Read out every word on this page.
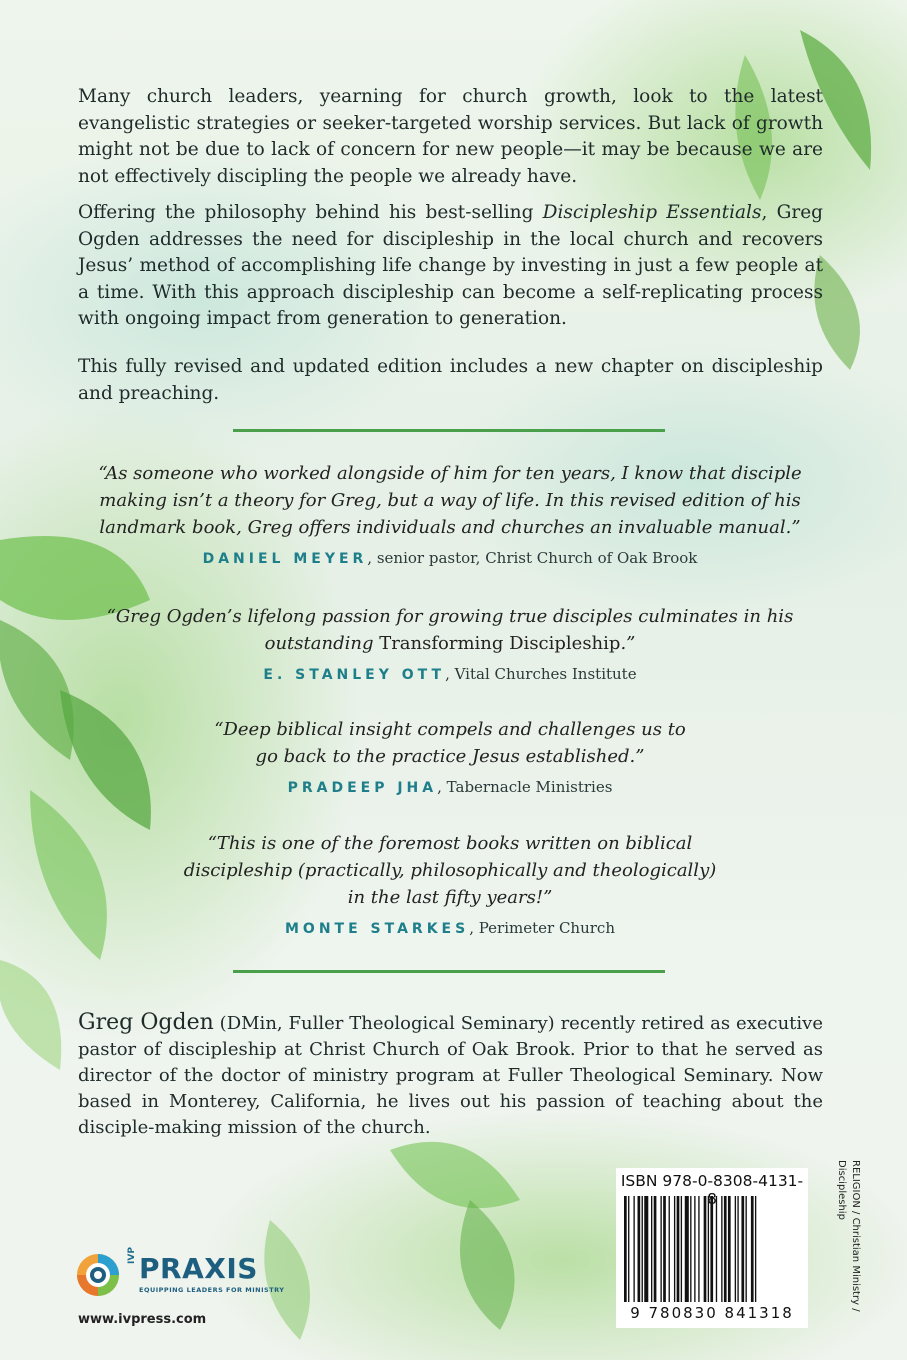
Many church leaders, yearning for church growth, look to the latest evangelistic strategies or seeker-targeted worship services. But lack of growth might not be due to lack of concern for new people—it may be because we are not effectively discipling the people we already have.

Offering the philosophy behind his best-selling Discipleship Essentials, Greg Ogden addresses the need for discipleship in the local church and recovers Jesus’ method of accomplishing life change by investing in just a few people at a time. With this approach discipleship can become a self-replicating process with ongoing impact from generation to generation.

This fully revised and updated edition includes a new chapter on discipleship and preaching.

“As someone who worked alongside of him for ten years, I know that disciple making isn’t a theory for Greg, but a way of life. In this revised edition of his landmark book, Greg offers individuals and churches an invaluable manual.”

DANIEL MEYER, senior pastor, Christ Church of Oak Brook

“Greg Ogden’s lifelong passion for growing true disciples culminates in his outstanding Transforming Discipleship.”

E. STANLEY OTT, Vital Churches Institute

“Deep biblical insight compels and challenges us to go back to the practice Jesus established.”

PRADEEP JHA, Tabernacle Ministries

“This is one of the foremost books written on biblical discipleship (practically, philosophically and theologically) in the last fifty years!”

MONTE STARKES, Perimeter Church

Greg Ogden (DMin, Fuller Theological Seminary) recently retired as executive pastor of discipleship at Christ Church of Oak Brook. Prior to that he served as director of the doctor of ministry program at Fuller Theological Seminary. Now based in Monterey, California, he lives out his passion of teaching about the disciple-making mission of the church.

ISBN 978-0-8308-4131-
9 780830 841318
RELIGION / Christian Ministry / Discipleship
IVP PRAXIS
EQUIPPING LEADERS FOR MINISTRY
www.ivpress.com
